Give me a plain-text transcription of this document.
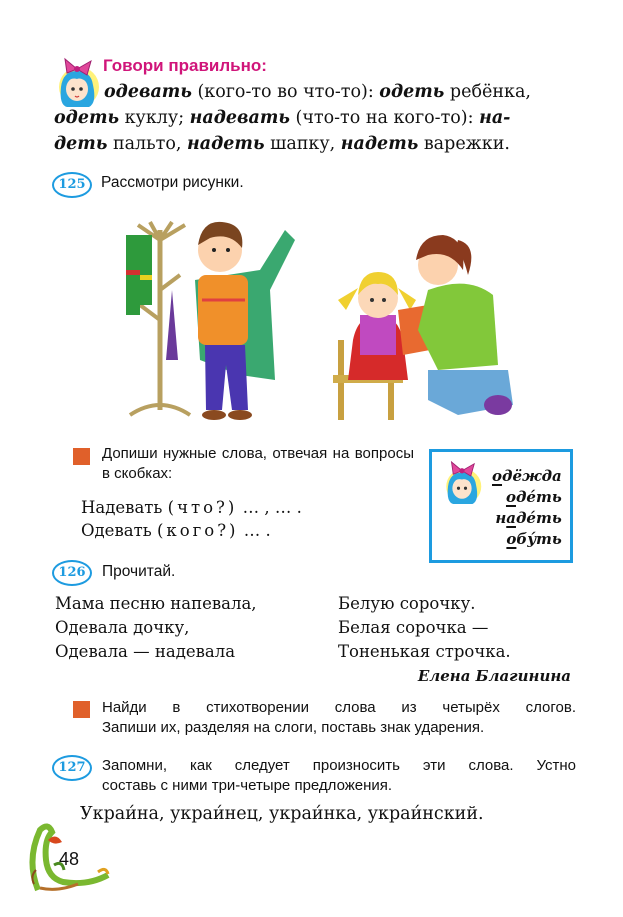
Говори правильно:
одевать (кого-то во что-то): одеть ребёнка,
одеть куклу; надевать (что-то на кого-то): на-
деть пальто, надеть шапку, надеть варежки.
125 Рассмотри рисунки.
Допиши нужные слова, отвечая на вопросы в скобках:
Надевать (что?) … , … .
Одевать (кого?) … .
одёжда
одéть
надéть
обýть
126	Прочитай.
Мама песню напевала,
Одевала дочку,
Одевала — надевала
Белую сорочку.
Белая сорочка —
Тоненькая строчка.
Елена Благинина
Найди в стихотворении слова из четырёх слогов.
Запиши их, разделяя на слоги, поставь знак ударения.
127	Запомни, как следует произносить эти слова. Устно
составь с ними три-четыре предложения.
Укрaи́на, украи́нец, украи́нка, украи́нский.
48
